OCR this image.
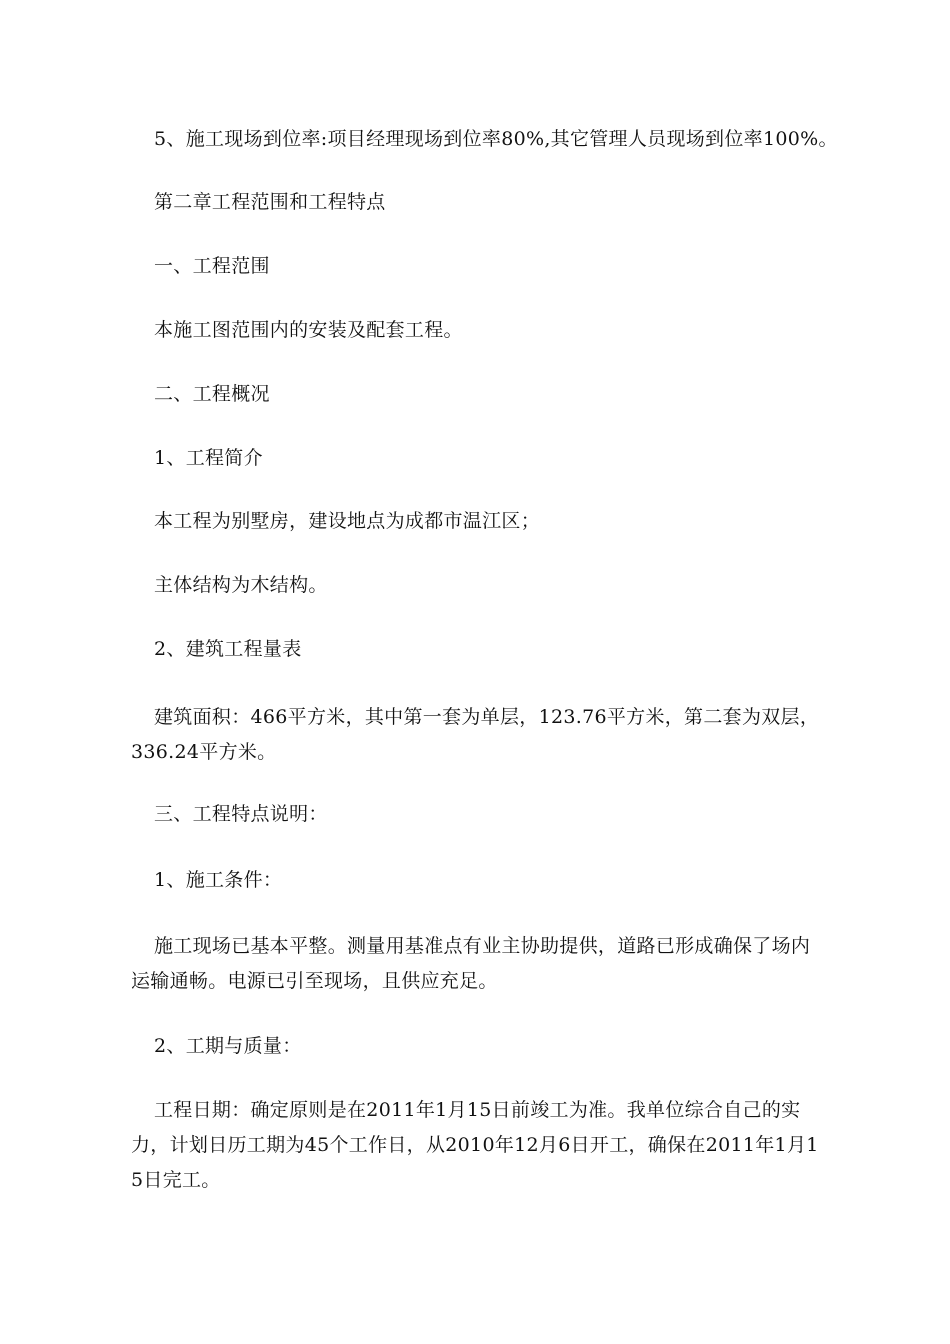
5、施工现场到位率:项目经理现场到位率80%,其它管理人员现场到位率100%。
第二章工程范围和工程特点
一、工程范围
本施工图范围内的安装及配套工程。
二、工程概况
1、工程简介
本工程为别墅房，建设地点为成都市温江区；
主体结构为木结构。
2、建筑工程量表
建筑面积：466平方米，其中第一套为单层，123.76平方米，第二套为双层，
336.24平方米。
三、工程特点说明：
1、施工条件：
施工现场已基本平整。测量用基准点有业主协助提供，道路已形成确保了场内
运输通畅。电源已引至现场，且供应充足。
2、工期与质量：
工程日期：确定原则是在2011年1月15日前竣工为准。我单位综合自己的实
力，计划日历工期为45个工作日，从2010年12月6日开工，确保在2011年1月1
5日完工。
